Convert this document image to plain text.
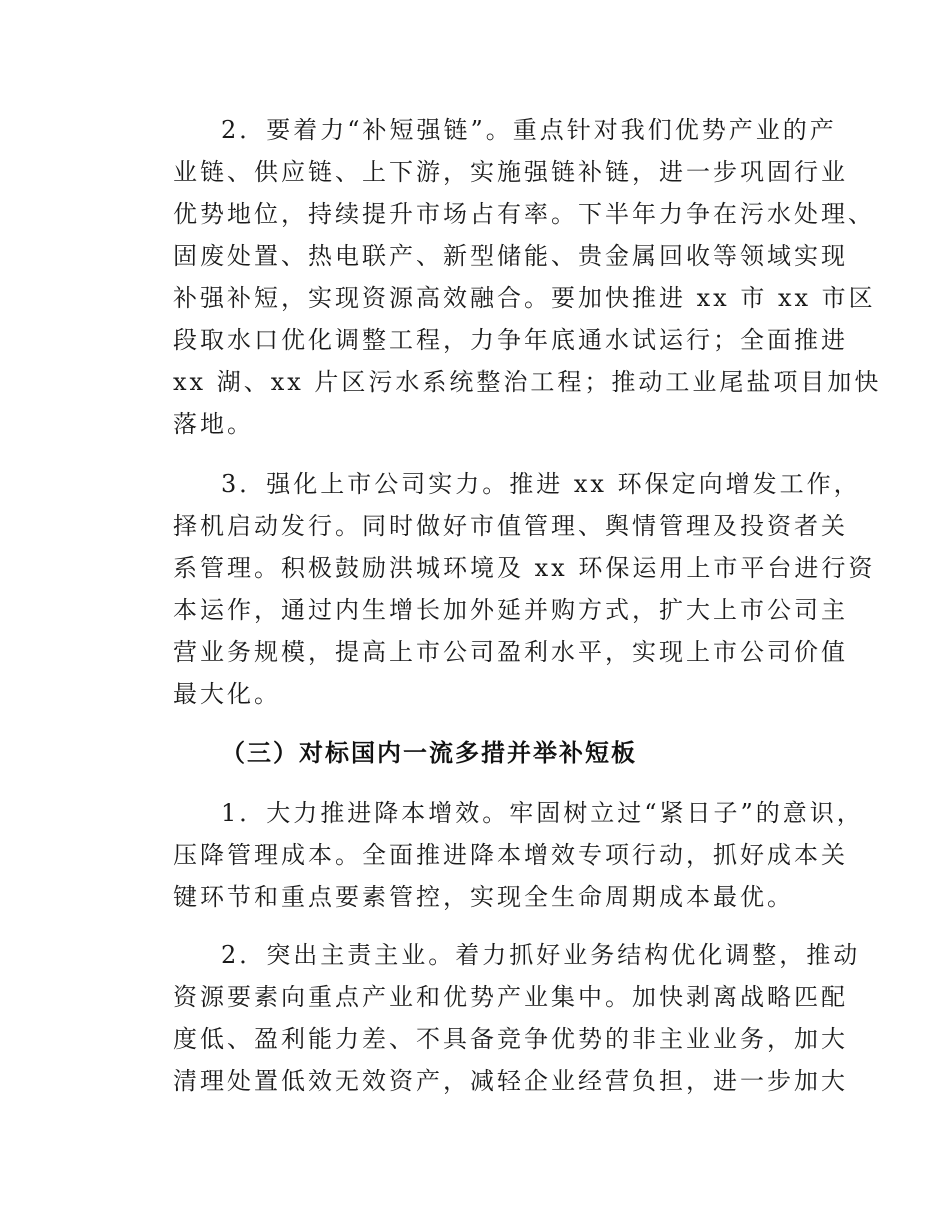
2．要着力“补短强链”。重点针对我们优势产业的产
业链、供应链、上下游，实施强链补链，进一步巩固行业
优势地位，持续提升市场占有率。下半年力争在污水处理、
固废处置、热电联产、新型储能、贵金属回收等领域实现
补强补短，实现资源高效融合。要加快推进 xx 市 xx 市区
段取水口优化调整工程，力争年底通水试运行；全面推进
xx 湖、xx 片区污水系统整治工程；推动工业尾盐项目加快
落地。
3．强化上市公司实力。推进 xx 环保定向增发工作，
择机启动发行。同时做好市值管理、舆情管理及投资者关
系管理。积极鼓励洪城环境及 xx 环保运用上市平台进行资
本运作，通过内生增长加外延并购方式，扩大上市公司主
营业务规模，提高上市公司盈利水平，实现上市公司价值
最大化。
（三）对标国内一流多措并举补短板
1．大力推进降本增效。牢固树立过“紧日子”的意识，
压降管理成本。全面推进降本增效专项行动，抓好成本关
键环节和重点要素管控，实现全生命周期成本最优。
2．突出主责主业。着力抓好业务结构优化调整，推动
资源要素向重点产业和优势产业集中。加快剥离战略匹配
度低、盈利能力差、不具备竞争优势的非主业业务，加大
清理处置低效无效资产，减轻企业经营负担，进一步加大
